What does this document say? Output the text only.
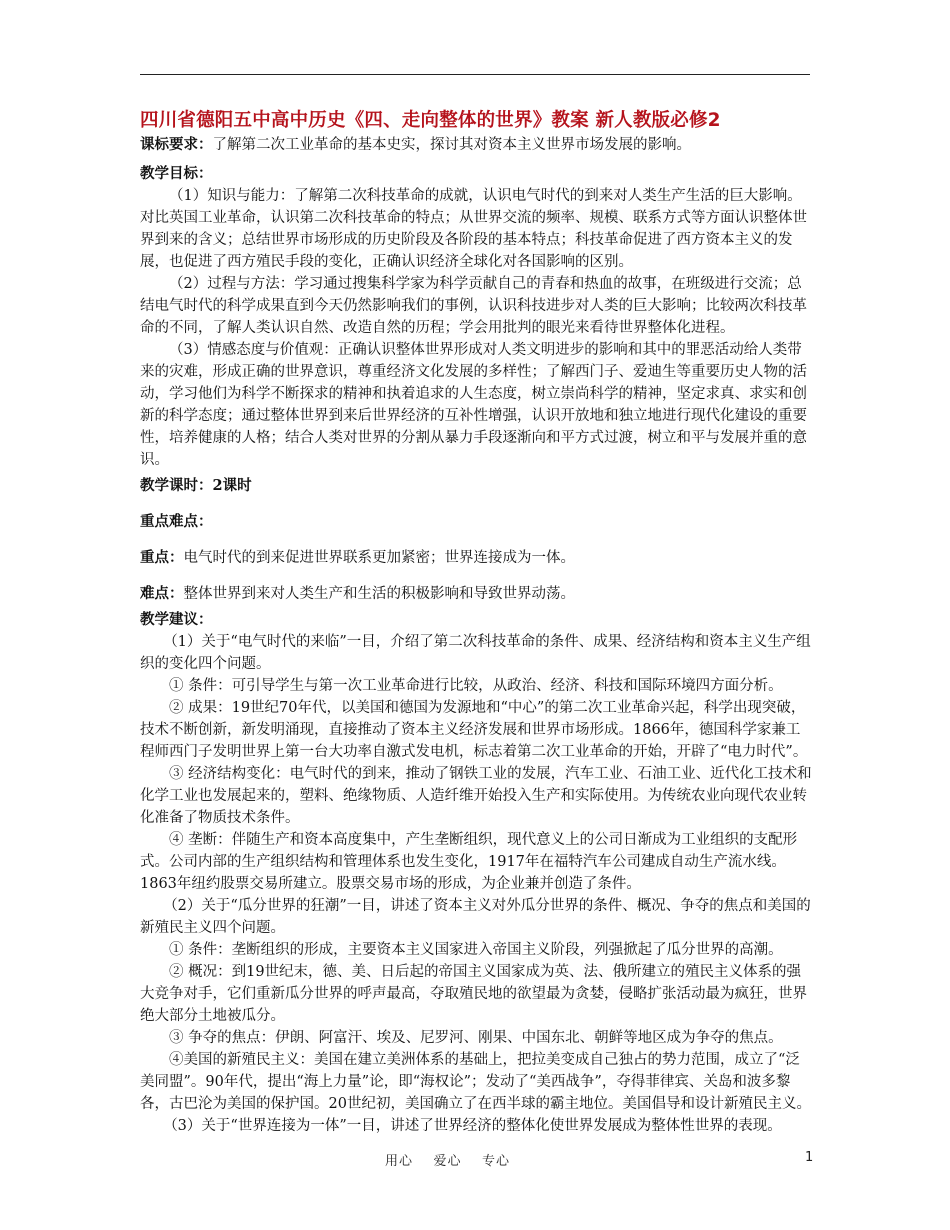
四川省德阳五中高中历史《四、走向整体的世界》教案 新人教版必修2

课标要求：了解第二次工业革命的基本史实，探讨其对资本主义世界市场发展的影响。

教学目标：

（1）知识与能力：了解第二次科技革命的成就，认识电气时代的到来对人类生产生活的巨大影响。对比英国工业革命，认识第二次科技革命的特点；从世界交流的频率、规模、联系方式等方面认识整体世界到来的含义；总结世界市场形成的历史阶段及各阶段的基本特点；科技革命促进了西方资本主义的发展，也促进了西方殖民手段的变化，正确认识经济全球化对各国影响的区别。

（2）过程与方法：学习通过搜集科学家为科学贡献自己的青春和热血的故事，在班级进行交流；总结电气时代的科学成果直到今天仍然影响我们的事例，认识科技进步对人类的巨大影响；比较两次科技革命的不同，了解人类认识自然、改造自然的历程；学会用批判的眼光来看待世界整体化进程。

（3）情感态度与价值观：正确认识整体世界形成对人类文明进步的影响和其中的罪恶活动给人类带来的灾难，形成正确的世界意识，尊重经济文化发展的多样性；了解西门子、爱迪生等重要历史人物的活动，学习他们为科学不断探求的精神和执着追求的人生态度，树立崇尚科学的精神，坚定求真、求实和创新的科学态度；通过整体世界到来后世界经济的互补性增强，认识开放地和独立地进行现代化建设的重要性，培养健康的人格；结合人类对世界的分割从暴力手段逐渐向和平方式过渡，树立和平与发展并重的意识。

教学课时：2课时

重点难点：

重点：电气时代的到来促进世界联系更加紧密；世界连接成为一体。

难点：整体世界到来对人类生产和生活的积极影响和导致世界动荡。

教学建议：

（1）关于“电气时代的来临”一目，介绍了第二次科技革命的条件、成果、经济结构和资本主义生产组织的变化四个问题。

① 条件：可引导学生与第一次工业革命进行比较，从政治、经济、科技和国际环境四方面分析。

② 成果：19世纪70年代，以美国和德国为发源地和“中心”的第二次工业革命兴起，科学出现突破，技术不断创新，新发明涌现，直接推动了资本主义经济发展和世界市场形成。1866年，德国科学家兼工程师西门子发明世界上第一台大功率自激式发电机，标志着第二次工业革命的开始，开辟了“电力时代”。

③ 经济结构变化：电气时代的到来，推动了钢铁工业的发展，汽车工业、石油工业、近代化工技术和化学工业也发展起来的，塑料、绝缘物质、人造纤维开始投入生产和实际使用。为传统农业向现代农业转化准备了物质技术条件。

④ 垄断：伴随生产和资本高度集中，产生垄断组织，现代意义上的公司日渐成为工业组织的支配形式。公司内部的生产组织结构和管理体系也发生变化，1917年在福特汽车公司建成自动生产流水线。1863年纽约股票交易所建立。股票交易市场的形成，为企业兼并创造了条件。

（2）关于“瓜分世界的狂潮”一目，讲述了资本主义对外瓜分世界的条件、概况、争夺的焦点和美国的新殖民主义四个问题。

① 条件：垄断组织的形成，主要资本主义国家进入帝国主义阶段，列强掀起了瓜分世界的高潮。

② 概况：到19世纪末，德、美、日后起的帝国主义国家成为英、法、俄所建立的殖民主义体系的强大竞争对手，它们重新瓜分世界的呼声最高，夺取殖民地的欲望最为贪婪，侵略扩张活动最为疯狂，世界绝大部分土地被瓜分。

③ 争夺的焦点：伊朗、阿富汗、埃及、尼罗河、刚果、中国东北、朝鲜等地区成为争夺的焦点。

④美国的新殖民主义：美国在建立美洲体系的基础上，把拉美变成自己独占的势力范围，成立了“泛美同盟”。90年代，提出“海上力量”论，即“海权论”；发动了“美西战争”，夺得菲律宾、关岛和波多黎各，古巴沦为美国的保护国。20世纪初，美国确立了在西半球的霸主地位。美国倡导和设计新殖民主义。

（3）关于“世界连接为一体”一目，讲述了世界经济的整体化使世界发展成为整体性世界的表现。

用心    爱心    专心	1
